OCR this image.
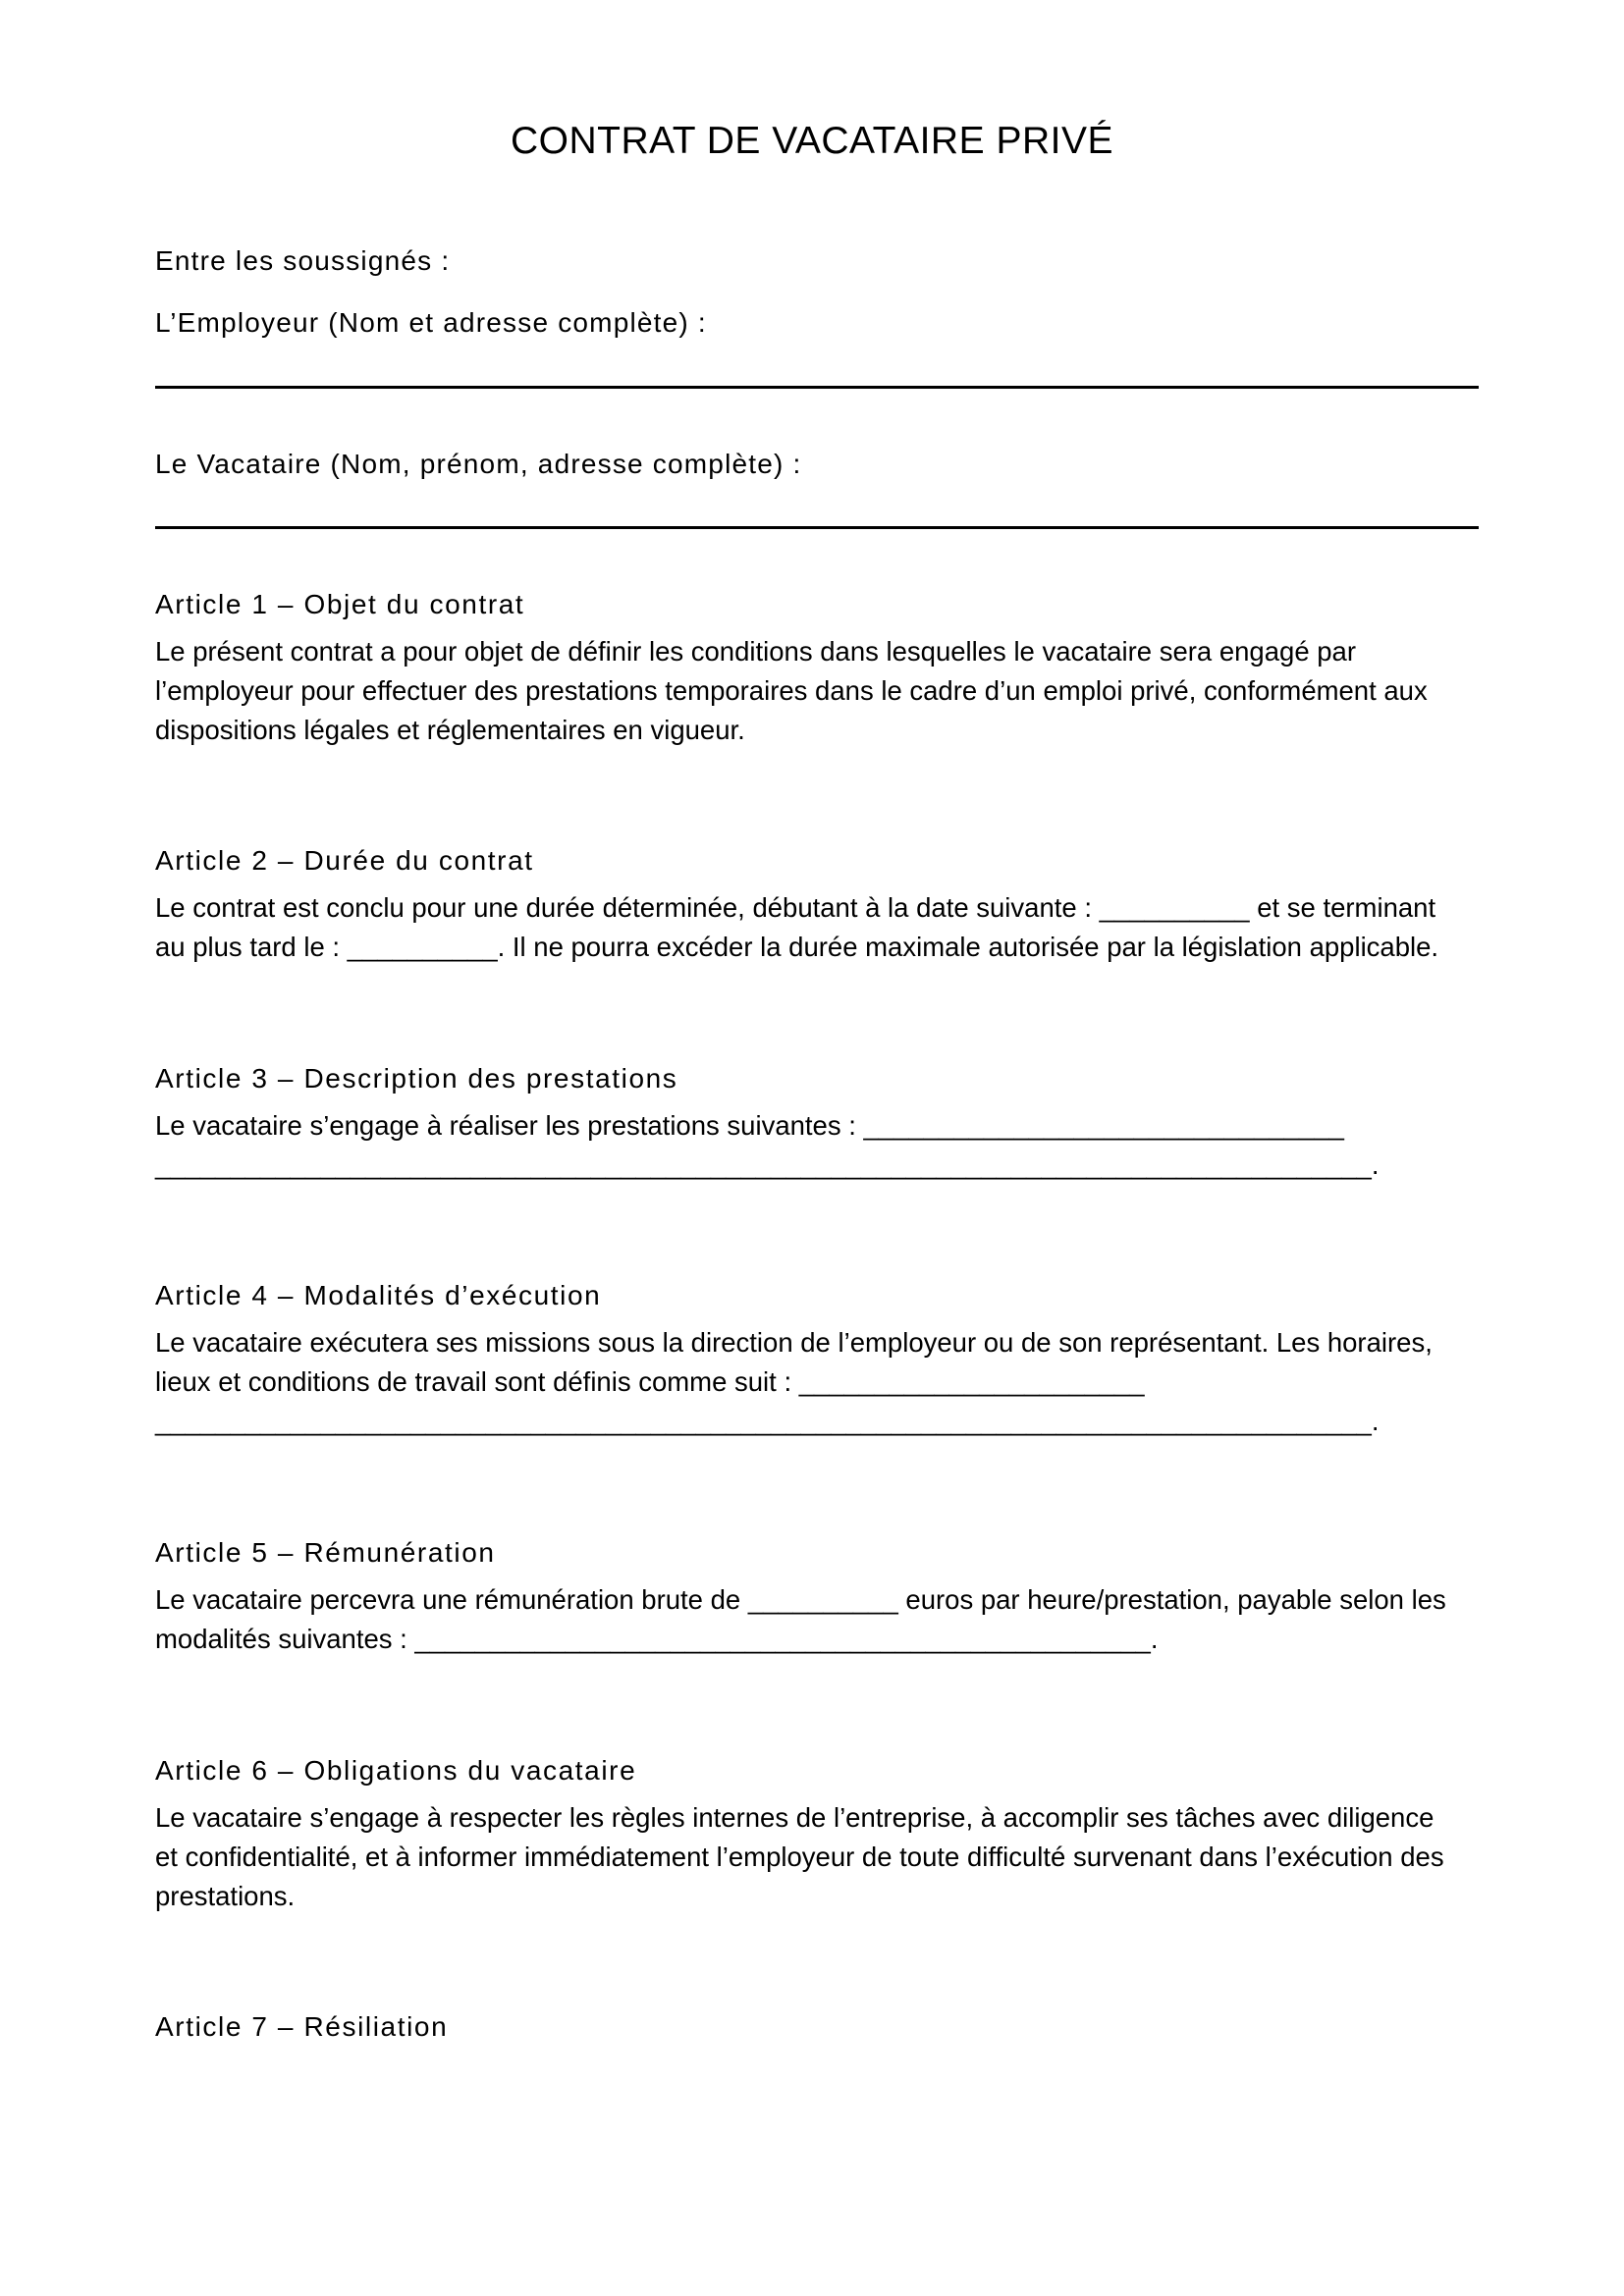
CONTRAT DE VACATAIRE PRIVÉ

Entre les soussignés :

L’Employeur (Nom et adresse complète) :

Le Vacataire (Nom, prénom, adresse complète) :

Article 1 – Objet du contrat

Le présent contrat a pour objet de définir les conditions dans lesquelles le vacataire sera engagé par
l’employeur pour effectuer des prestations temporaires dans le cadre d’un emploi privé, conformément aux
dispositions légales et réglementaires en vigueur.

Article 2 – Durée du contrat

Le contrat est conclu pour une durée déterminée, débutant à la date suivante : __________ et se terminant
au plus tard le : __________. Il ne pourra excéder la durée maximale autorisée par la législation applicable.

Article 3 – Description des prestations

Le vacataire s’engage à réaliser les prestations suivantes : ________________________________
_________________________________________________________________________________.

Article 4 – Modalités d’exécution

Le vacataire exécutera ses missions sous la direction de l’employeur ou de son représentant. Les horaires,
lieux et conditions de travail sont définis comme suit : _______________________
_________________________________________________________________________________.

Article 5 – Rémunération

Le vacataire percevra une rémunération brute de __________ euros par heure/prestation, payable selon les
modalités suivantes : _________________________________________________.

Article 6 – Obligations du vacataire

Le vacataire s’engage à respecter les règles internes de l’entreprise, à accomplir ses tâches avec diligence
et confidentialité, et à informer immédiatement l’employeur de toute difficulté survenant dans l’exécution des
prestations.

Article 7 – Résiliation
